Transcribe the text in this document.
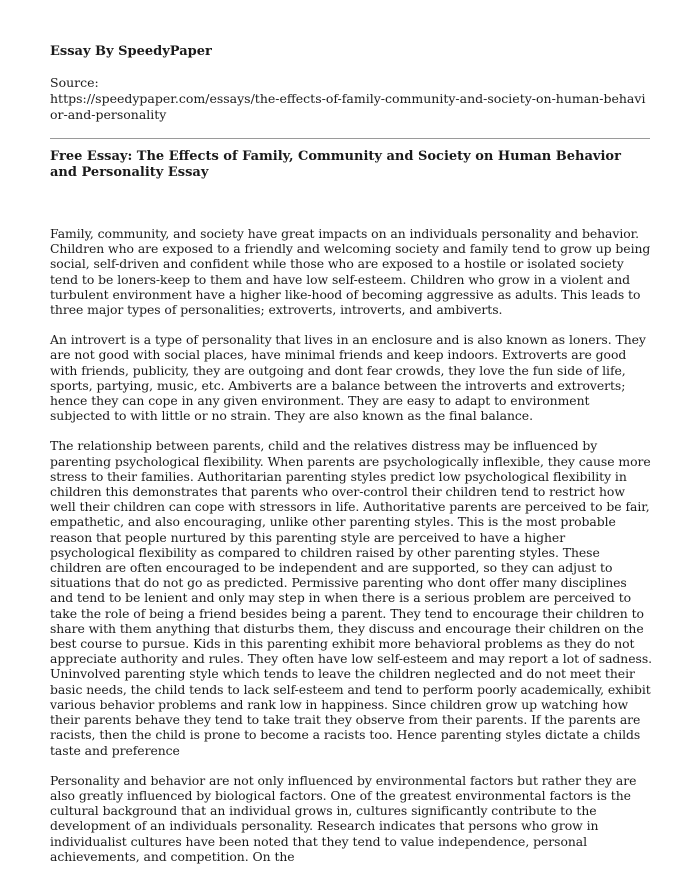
Essay By SpeedyPaper
Source:
https://speedypaper.com/essays/the-effects-of-family-community-and-society-on-human-behavior-and-personality
Free Essay: The Effects of Family, Community and Society on Human Behavior and Personality Essay

Family, community, and society have great impacts on an individuals personality and behavior. Children who are exposed to a friendly and welcoming society and family tend to grow up being social, self-driven and confident while those who are exposed to a hostile or isolated society tend to be loners-keep to them and have low self-esteem. Children who grow in a violent and turbulent environment have a higher like-hood of becoming aggressive as adults. This leads to three major types of personalities; extroverts, introverts, and ambiverts.

An introvert is a type of personality that lives in an enclosure and is also known as loners. They are not good with social places, have minimal friends and keep indoors. Extroverts are good with friends, publicity, they are outgoing and dont fear crowds, they love the fun side of life, sports, partying, music, etc. Ambiverts are a balance between the introverts and extroverts; hence they can cope in any given environment. They are easy to adapt to environment subjected to with little or no strain. They are also known as the final balance.

The relationship between parents, child and the relatives distress may be influenced by parenting psychological flexibility. When parents are psychologically inflexible, they cause more stress to their families. Authoritarian parenting styles predict low psychological flexibility in children this demonstrates that parents who over-control their children tend to restrict how well their children can cope with stressors in life. Authoritative parents are perceived to be fair, empathetic, and also encouraging, unlike other parenting styles. This is the most probable reason that people nurtured by this parenting style are perceived to have a higher psychological flexibility as compared to children raised by other parenting styles. These children are often encouraged to be independent and are supported, so they can adjust to situations that do not go as predicted. Permissive parenting who dont offer many disciplines and tend to be lenient and only may step in when there is a serious problem are perceived to take the role of being a friend besides being a parent. They tend to encourage their children to share with them anything that disturbs them, they discuss and encourage their children on the best course to pursue. Kids in this parenting exhibit more behavioral problems as they do not appreciate authority and rules. They often have low self-esteem and may report a lot of sadness. Uninvolved parenting style which tends to leave the children neglected and do not meet their basic needs, the child tends to lack self-esteem and tend to perform poorly academically, exhibit various behavior problems and rank low in happiness. Since children grow up watching how their parents behave they tend to take trait they observe from their parents. If the parents are racists, then the child is prone to become a racists too. Hence parenting styles dictate a childs taste and preference

Personality and behavior are not only influenced by environmental factors but rather they are also greatly influenced by biological factors. One of the greatest environmental factors is the cultural background that an individual grows in, cultures significantly contribute to the development of an individuals personality. Research indicates that persons who grow in individualist cultures have been noted that they tend to value independence, personal achievements, and competition. On the
